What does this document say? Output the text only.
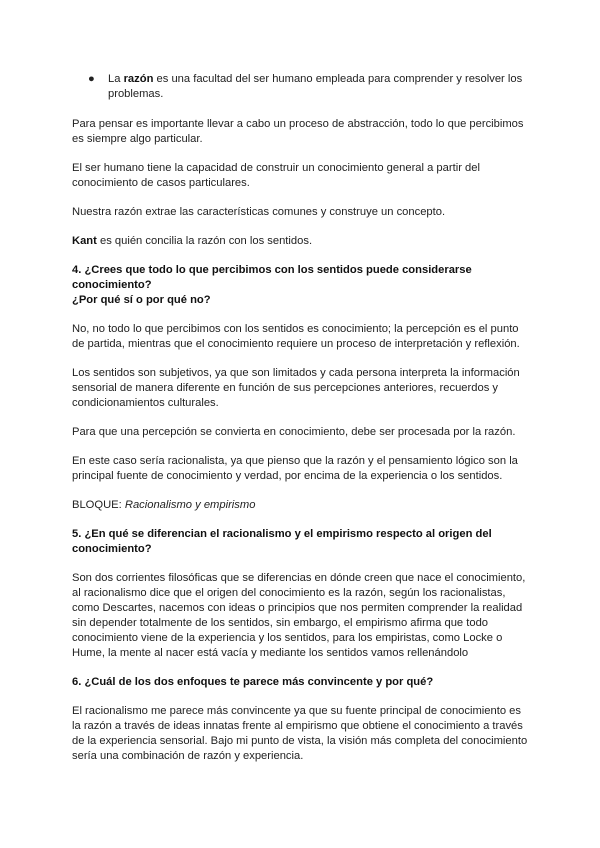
● La razón es una facultad del ser humano empleada para comprender y resolver los problemas.

Para pensar es importante llevar a cabo un proceso de abstracción, todo lo que percibimos es siempre algo particular.

El ser humano tiene la capacidad de construir un conocimiento general a partir del conocimiento de casos particulares.

Nuestra razón extrae las características comunes y construye un concepto.

Kant es quién concilia la razón con los sentidos.

4. ¿Crees que todo lo que percibimos con los sentidos puede considerarse conocimiento?
¿Por qué sí o por qué no?

No, no todo lo que percibimos con los sentidos es conocimiento; la percepción es el punto de partida, mientras que el conocimiento requiere un proceso de interpretación y reflexión.

Los sentidos son subjetivos, ya que son limitados y cada persona interpreta la información sensorial de manera diferente en función de sus percepciones anteriores, recuerdos y condicionamientos culturales.

Para que una percepción se convierta en conocimiento, debe ser procesada por la razón.

En este caso sería racionalista, ya que pienso que la razón y el pensamiento lógico son la principal fuente de conocimiento y verdad, por encima de la experiencia o los sentidos.

BLOQUE: Racionalismo y empirismo

5. ¿En qué se diferencian el racionalismo y el empirismo respecto al origen del conocimiento?

Son dos corrientes filosóficas que se diferencias en dónde creen que nace el conocimiento, al racionalismo dice que el origen del conocimiento es la razón, según los racionalistas, como Descartes, nacemos con ideas o principios que nos permiten comprender la realidad sin depender totalmente de los sentidos, sin embargo, el empirismo afirma que todo conocimiento viene de la experiencia y los sentidos, para los empiristas, como Locke o Hume, la mente al nacer está vacía y mediante los sentidos vamos rellenándolo

6. ¿Cuál de los dos enfoques te parece más convincente y por qué?

El racionalismo me parece más convincente ya que su fuente principal de conocimiento es la razón a través de ideas innatas frente al empirismo que obtiene el conocimiento a través de la experiencia sensorial. Bajo mi punto de vista, la visión más completa del conocimiento sería una combinación de razón y experiencia.
